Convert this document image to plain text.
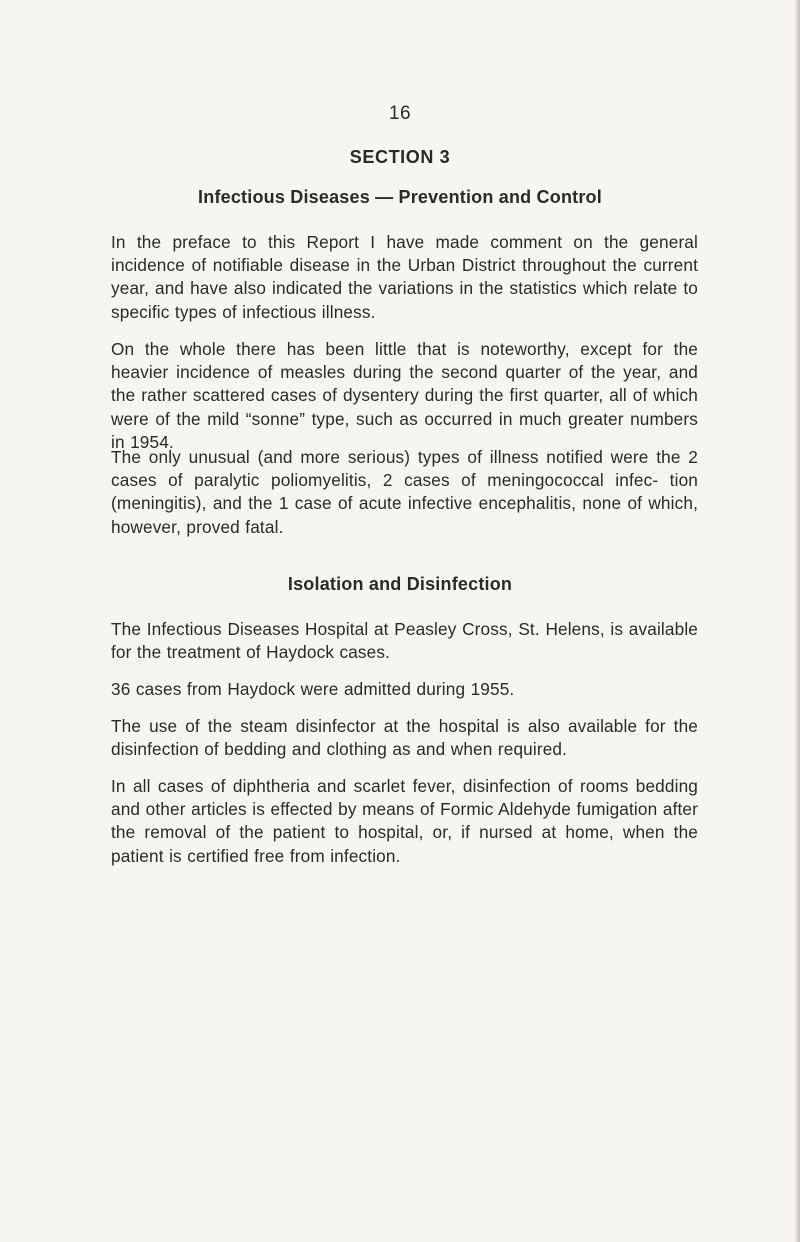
16
SECTION 3
Infectious Diseases — Prevention and Control

In the preface to this Report I have made comment on the general incidence of notifiable disease in the Urban District throughout the current year, and have also indicated the variations in the statistics which relate to specific types of infectious illness.

On the whole there has been little that is noteworthy, except for the heavier incidence of measles during the second quarter of the year, and the rather scattered cases of dysentery during the first quarter, all of which were of the mild “sonne” type, such as occurred in much greater numbers in 1954.

The only unusual (and more serious) types of illness notified were the 2 cases of paralytic poliomyelitis, 2 cases of meningococcal infec- tion (meningitis), and the 1 case of acute infective encephalitis, none of which, however, proved fatal.

Isolation and Disinfection

The Infectious Diseases Hospital at Peasley Cross, St. Helens, is available for the treatment of Haydock cases.

36 cases from Haydock were admitted during 1955.

The use of the steam disinfector at the hospital is also available for the disinfection of bedding and clothing as and when required.

In all cases of diphtheria and scarlet fever, disinfection of rooms bedding and other articles is effected by means of Formic Aldehyde fumigation after the removal of the patient to hospital, or, if nursed at home, when the patient is certified free from infection.
